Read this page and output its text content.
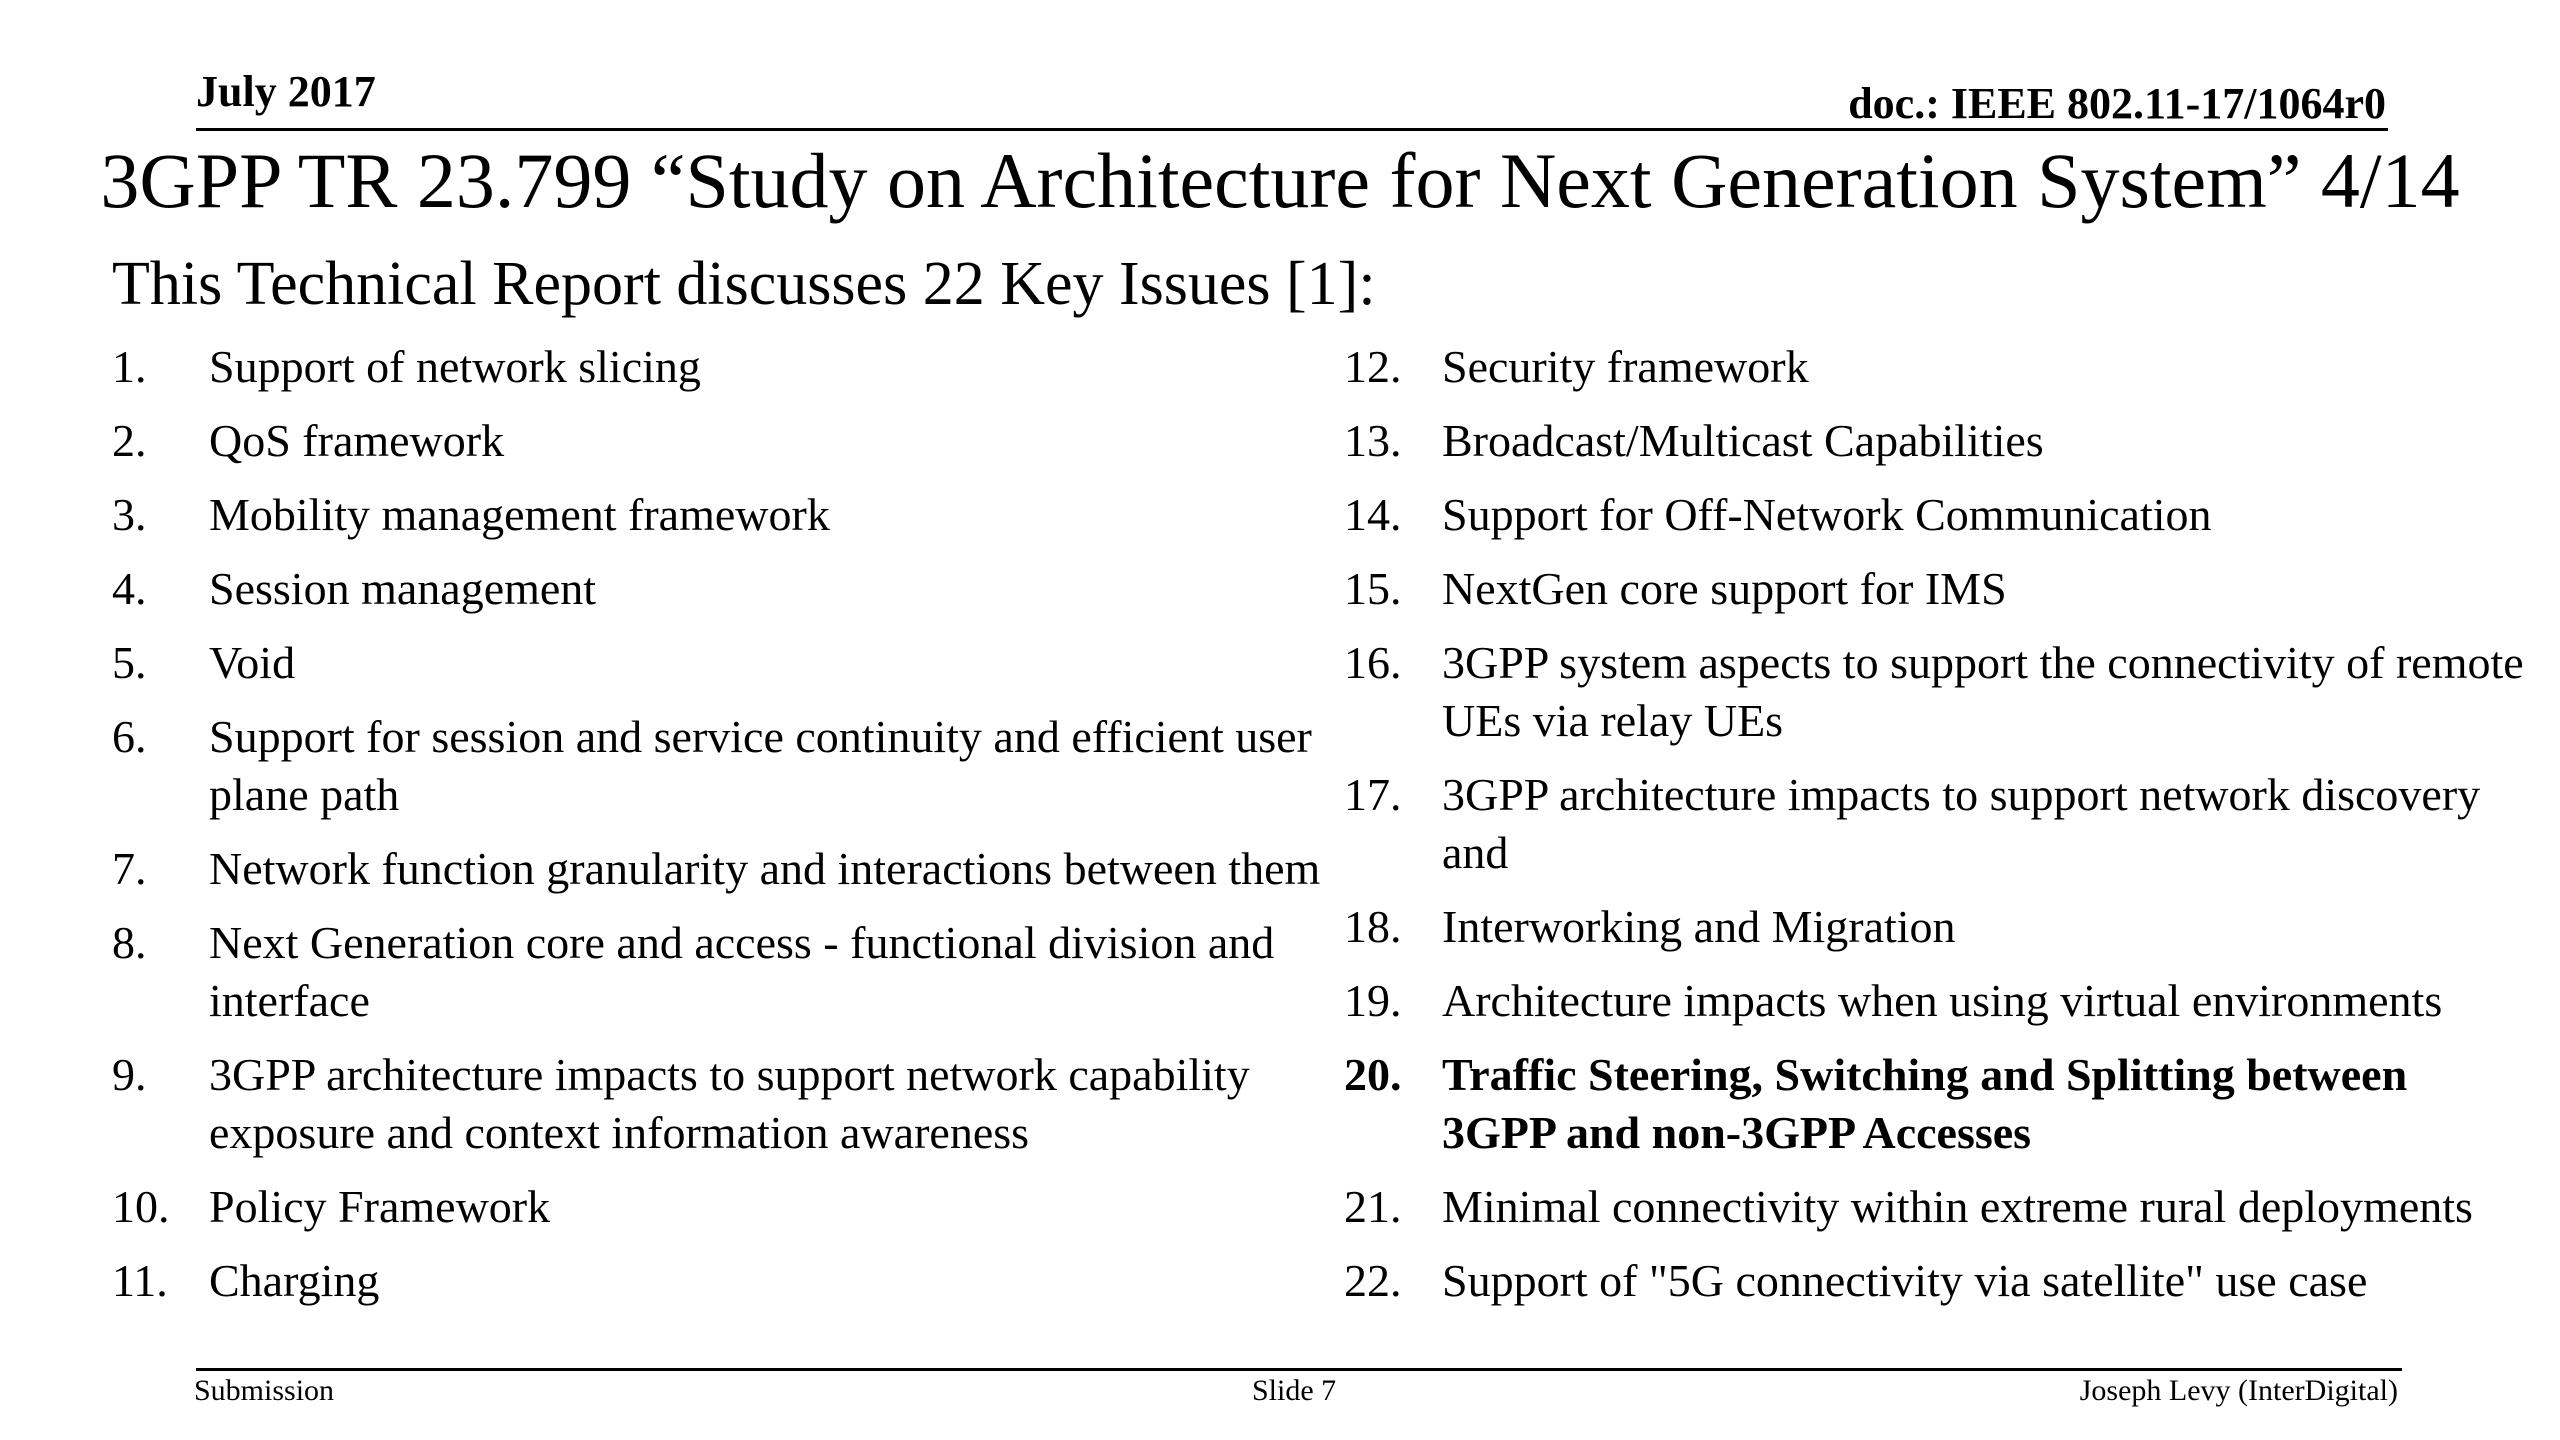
July 2017	doc.: IEEE 802.11-17/1064r0
3GPP TR 23.799 “Study on Architecture for Next Generation System” 4/14
This Technical Report discusses 22 Key Issues [1]:
1.	Support of network slicing
2.	QoS framework
3.	Mobility management framework
4.	Session management
5.	Void
6.	Support for session and service continuity and efficient user plane path
7.	Network function granularity and interactions between them
8.	Next Generation core and access - functional division and interface
9.	3GPP architecture impacts to support network capability exposure and context information awareness
10. Policy Framework
11. Charging
12. Security framework
13. Broadcast/Multicast Capabilities
14. Support for Off-Network Communication
15. NextGen core support for IMS
16. 3GPP system aspects to support the connectivity of remote UEs via relay UEs
17. 3GPP architecture impacts to support network discovery and
18. Interworking and Migration
19. Architecture impacts when using virtual environments
20. Traffic Steering, Switching and Splitting between 3GPP and non-3GPP Accesses
21. Minimal connectivity within extreme rural deployments
22. Support of "5G connectivity via satellite" use case
Submission	Slide 7	Joseph Levy (InterDigital)
